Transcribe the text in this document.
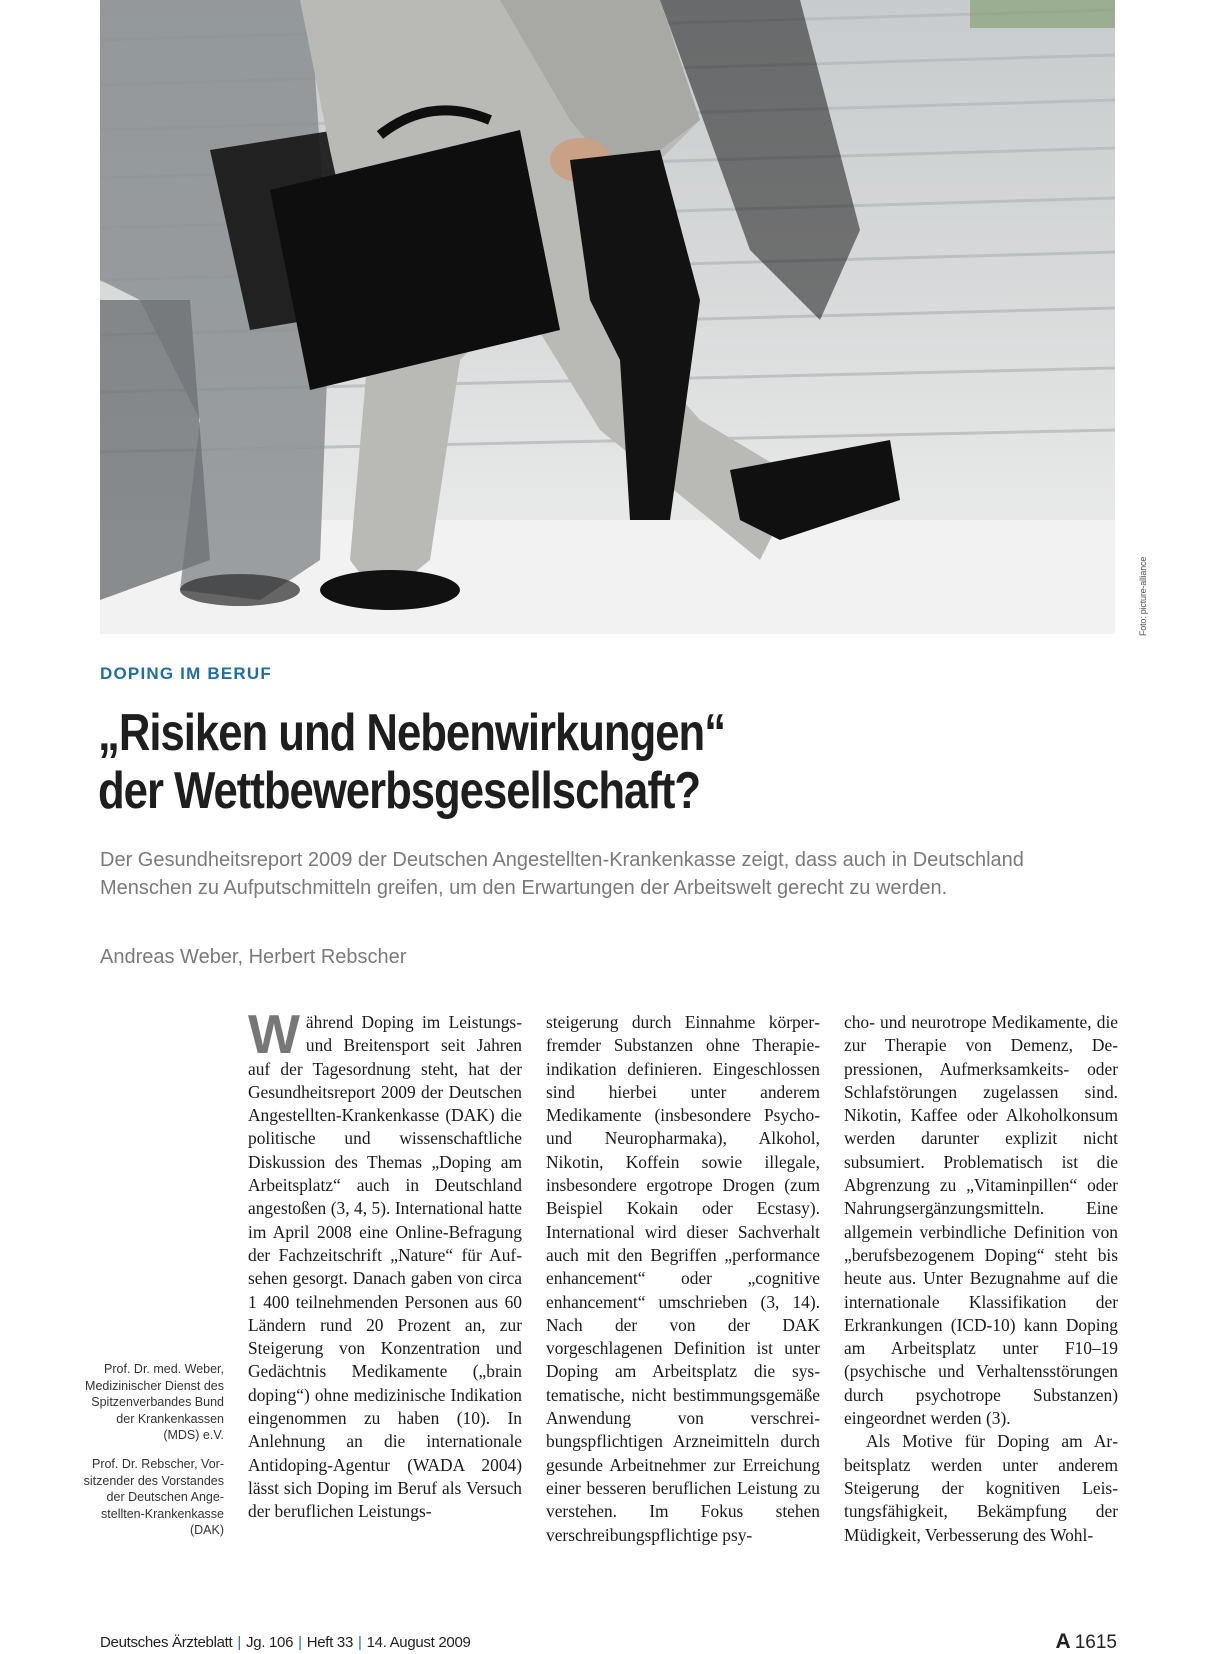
Foto: picture-alliance
DOPING IM BERUF
„Risiken und Nebenwirkungen“
der Wettbewerbsgesellschaft?

Der Gesundheitsreport 2009 der Deutschen Angestellten-Krankenkasse zeigt, dass auch in Deutschland Menschen zu Aufputschmitteln greifen, um den Erwartungen der Arbeitswelt gerecht zu werden.

Andreas Weber, Herbert Rebscher

Prof. Dr. med. Weber, Medizinischer Dienst des Spitzenverbandes Bund der Krankenkassen (MDS) e.V.

Prof. Dr. Rebscher, Vorsitzender des Vorstandes der Deutschen Angestellten-Krankenkasse (DAK)

Während Doping im Leistungs- und Breitensport seit Jahren auf der Tagesordnung steht, hat der Gesundheitsreport 2009 der Deutschen Angestellten-Krankenkasse (DAK) die politische und wissenschaftliche Diskussion des Themas „Doping am Arbeitsplatz“ auch in Deutschland angestoßen (3, 4, 5). International hatte im April 2008 eine Online-Befragung der Fachzeitschrift „Nature“ für Aufsehen gesorgt. Danach gaben von circa 1 400 teilnehmenden Personen aus 60 Ländern rund 20 Prozent an, zur Steigerung von Konzentration und Gedächtnis Medikamente („brain doping“) ohne medizinische Indikation eingenommen zu haben (10). In Anlehnung an die internationale Antidoping-Agentur (WADA 2004) lässt sich Doping im Beruf als Versuch der beruflichen Leistungs-

steigerung durch Einnahme körperfremder Substanzen ohne Therapieindikation definieren. Eingeschlossen sind hierbei unter anderem Medikamente (insbesondere Psycho- und Neuropharmaka), Alkohol, Nikotin, Koffein sowie illegale, insbesondere ergotrope Drogen (zum Beispiel Kokain oder Ecstasy). International wird dieser Sachverhalt auch mit den Begriffen „performance enhancement“ oder „cognitive enhancement“ umschrieben (3, 14). Nach der von der DAK vorgeschlagenen Definition ist unter Doping am Arbeitsplatz die systematische, nicht bestimmungsgemäße Anwendung von verschreibungspflichtigen Arzneimitteln durch gesunde Arbeitnehmer zur Erreichung einer besseren beruflichen Leistung zu verstehen. Im Fokus stehen verschreibungspflichtige psy-

cho- und neurotrope Medikamente, die zur Therapie von Demenz, Depressionen, Aufmerksamkeits- oder Schlafstörungen zugelassen sind. Nikotin, Kaffee oder Alkoholkonsum werden darunter explizit nicht subsumiert. Problematisch ist die Abgrenzung zu „Vitaminpillen“ oder Nahrungsergänzungsmitteln. Eine allgemein verbindliche Definition von „berufsbezogenem Doping“ steht bis heute aus. Unter Bezugnahme auf die internationale Klassifikation der Erkrankungen (ICD-10) kann Doping am Arbeitsplatz unter F10–19 (psychische und Verhaltensstörungen durch psychotrope Substanzen) eingeordnet werden (3).

Als Motive für Doping am Arbeitsplatz werden unter anderem Steigerung der kognitiven Leistungsfähigkeit, Bekämpfung der Müdigkeit, Verbesserung des Wohl-

Deutsches Ärzteblatt | Jg. 106 | Heft 33 | 14. August 2009	A 1615
